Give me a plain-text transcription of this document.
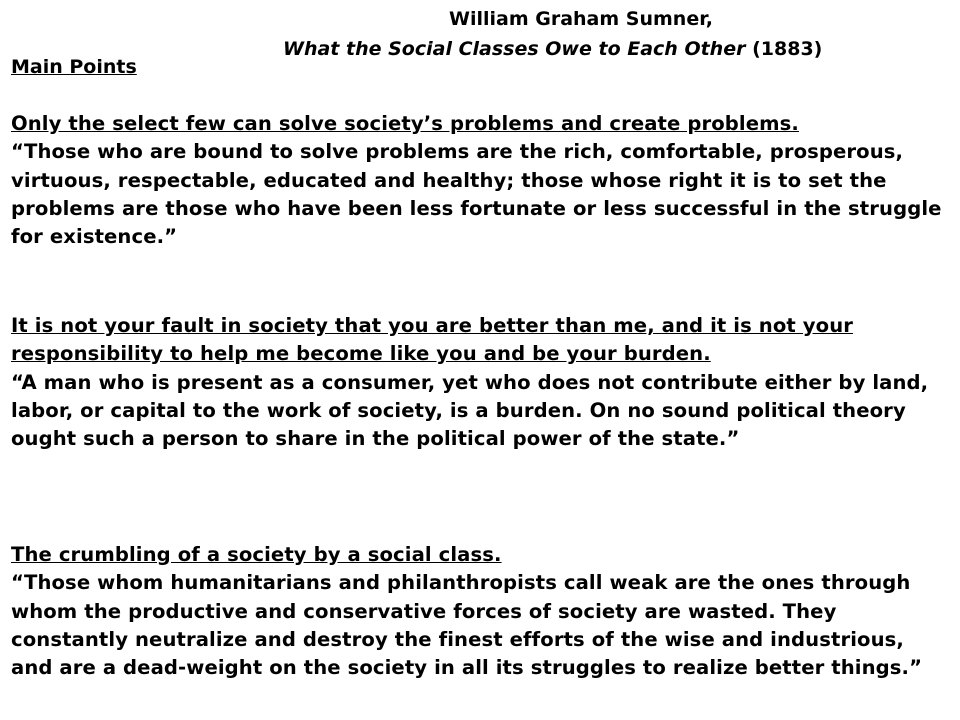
William Graham Sumner,
What the Social Classes Owe to Each Other (1883)
Main Points
Only the select few can solve society’s problems and create problems.
“Those who are bound to solve problems are the rich, comfortable, prosperous, virtuous, respectable, educated and healthy; those whose right it is to set the problems are those who have been less fortunate or less successful in the struggle for existence.”
It is not your fault in society that you are better than me, and it is not your responsibility to help me become like you and be your burden.
“A man who is present as a consumer, yet who does not contribute either by land, labor, or capital to the work of society, is a burden. On no sound political theory ought such a person to share in the political power of the state.”
The crumbling of a society by a social class.
“Those whom humanitarians and philanthropists call weak are the ones through whom the productive and conservative forces of society are wasted. They constantly neutralize and destroy the finest efforts of the wise and industrious, and are a dead-weight on the society in all its struggles to realize better things.”
